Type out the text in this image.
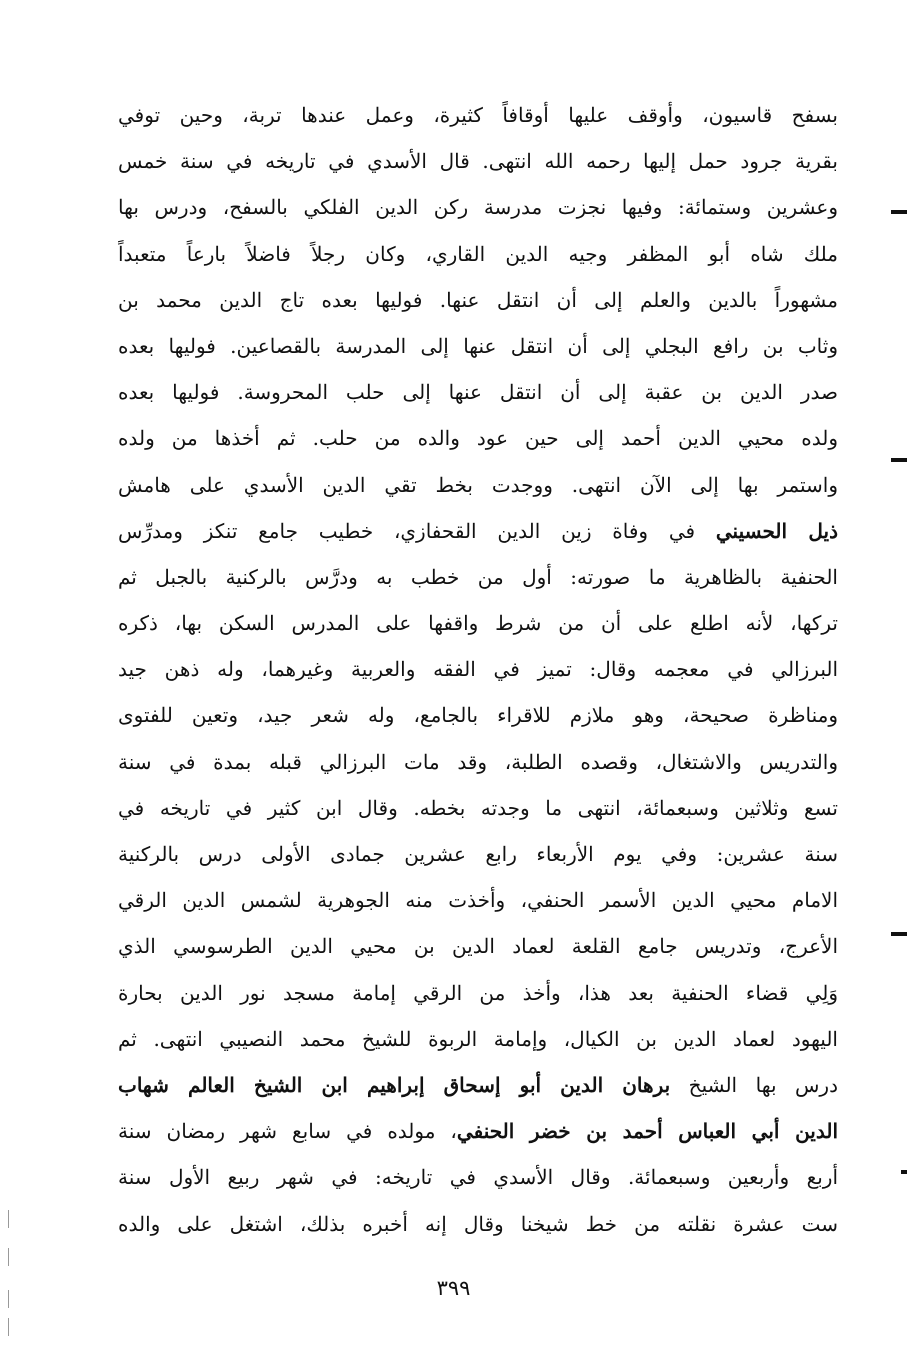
بسفح قاسيون، وأوقف عليها أوقافاً كثيرة، وعمل عندها تربة، وحين توفي
بقرية جرود حمل إليها رحمه الله انتهى. قال الأسدي في تاريخه في سنة خمس
وعشرين وستمائة: وفيها نجزت مدرسة ركن الدين الفلكي بالسفح، ودرس بها
ملك شاه أبو المظفر وجيه الدين القاري، وكان رجلاً فاضلاً بارعاً متعبداً
مشهوراً بالدين والعلم إلى أن انتقل عنها. فوليها بعده تاج الدين محمد بن
وثاب بن رافع البجلي إلى أن انتقل عنها إلى المدرسة بالقصاعين. فوليها بعده
صدر الدين بن عقبة إلى أن انتقل عنها إلى حلب المحروسة. فوليها بعده
ولده محيي الدين أحمد إلى حين عود والده من حلب. ثم أخذها من ولده
واستمر بها إلى الآن انتهى. ووجدت بخط تقي الدين الأسدي على هامش
ذيل الحسيني في وفاة زين الدين القحفازي، خطيب جامع تنكز ومدرِّس
الحنفية بالظاهرية ما صورته: أول من خطب به ودرَّس بالركنية بالجبل ثم
تركها، لأنه اطلع على أن من شرط واقفها على المدرس السكن بها، ذكره
البرزالي في معجمه وقال: تميز في الفقه والعربية وغيرهما، وله ذهن جيد
ومناظرة صحيحة، وهو ملازم للاقراء بالجامع، وله شعر جيد، وتعين للفتوى
والتدريس والاشتغال، وقصده الطلبة، وقد مات البرزالي قبله بمدة في سنة
تسع وثلاثين وسبعمائة، انتهى ما وجدته بخطه. وقال ابن كثير في تاريخه في
سنة عشرين: وفي يوم الأربعاء رابع عشرين جمادى الأولى درس بالركنية
الامام محيي الدين الأسمر الحنفي، وأخذت منه الجوهرية لشمس الدين الرقي
الأعرج، وتدريس جامع القلعة لعماد الدين بن محيي الدين الطرسوسي الذي
وَلِي قضاء الحنفية بعد هذا، وأخذ من الرقي إمامة مسجد نور الدين بحارة
اليهود لعماد الدين بن الكيال، وإمامة الربوة للشيخ محمد النصيبي انتهى. ثم
درس بها الشيخ برهان الدين أبو إسحاق إبراهيم ابن الشيخ العالم شهاب
الدين أبي العباس أحمد بن خضر الحنفي، مولده في سابع شهر رمضان سنة
أربع وأربعين وسبعمائة. وقال الأسدي في تاريخه: في شهر ربيع الأول سنة
ست عشرة نقلته من خط شيخنا وقال إنه أخبره بذلك، اشتغل على والده
٣٩٩
